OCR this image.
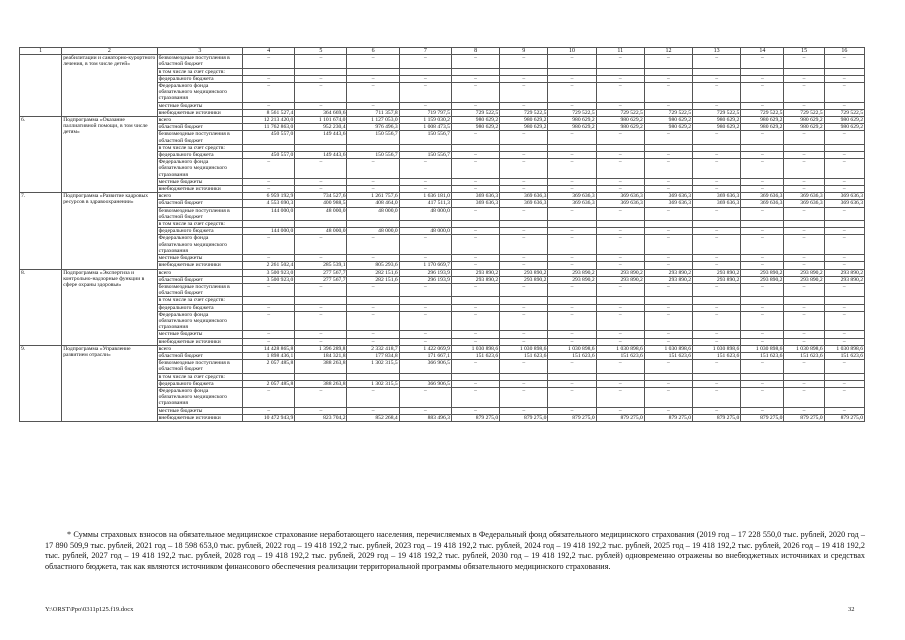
1	2	3	4	5	6	7	8	9	10	11	12	13	14	15	16
	реабилитации и санаторно-курортного лечения, в том числе детей»	безвозмездные поступления в областной бюджет	–	–	–	–	–	–	–	–	–	–	–	–	–
		в том числе за счет средств:													
		федерального бюджета	–	–	–	–	–	–	–	–	–	–	–	–	–
		Федерального фонда обязательного медицинского страхования	–	–	–	–	–	–	–	–	–	–	–	–	–
		местные бюджеты	–	–	–	–	–	–	–	–	–	–	–	–	–
		внебюджетные источники	8 561 527,4	364 669,6	711 357,8	719 797,5	729 522,5	729 522,5	729 522,5	729 522,5	729 522,5	729 522,5	729 522,5	729 522,5	729 522,5
6.	Подпрограмма «Оказание паллиативной помощи, в том числе детям»	всего	12 213 420,0	1 101 674,0	1 127 053,0	1 159 030,2	980 629,2	980 629,2	980 629,2	980 629,2	980 629,2	980 629,2	980 629,2	980 629,2	980 629,2
		областной бюджет	11 762 863,0	952 230,4	976 496,3	1 008 473,5	980 629,2	980 629,2	980 629,2	980 629,2	980 629,2	980 629,2	980 629,2	980 629,2	980 629,2
		безвозмездные поступления в областной бюджет	450 557,0	149 443,6	150 556,7	150 556,7	–	–	–	–	–	–	–	–	–
		в том числе за счет средств:													
		федерального бюджета	450 557,0	149 443,6	150 556,7	150 556,7	–	–	–	–	–	–	–	–	–
		Федерального фонда обязательного медицинского страхования	–	–	–	–	–	–	–	–	–	–	–	–	–
		местные бюджеты	–	–	–	–	–	–	–	–	–	–	–	–	–
		внебюджетные источники	–	–	–	–	–	–	–	–	–	–	–	–	–
7.	Подпрограмма «Развитие кадровых ресурсов в здравоохранении»	всего	6 959 192,9	734 527,6	1 261 757,6	1 636 181,0	369 636,3	369 636,3	369 636,3	369 636,3	369 636,3	369 636,3	369 636,3	369 636,3	369 636,3
		областной бюджет	4 553 690,3	400 988,5	408 464,0	417 511,3	369 636,3	369 636,3	369 636,3	369 636,3	369 636,3	369 636,3	369 636,3	369 636,3	369 636,3
		безвозмездные поступления в областной бюджет	144 000,0	48 000,0	48 000,0	48 000,0	–	–	–	–	–	–	–	–	–
		в том числе за счет средств:													
		федерального бюджета	144 000,0	48 000,0	48 000,0	48 000,0	–	–	–	–	–	–	–	–	–
		Федерального фонда обязательного медицинского страхования	–	–	–	–	–	–	–	–	–	–	–	–	–
		местные бюджеты	–	–	–	–	–	–	–	–	–	–	–	–	–
		внебюджетные источники	2 261 502,4	285 539,1	805 293,6	1 170 669,7	–	–	–	–	–	–	–	–	–
8.	Подпрограмма «Экспертиза и контрольно-надзорные функции в сфере охраны здоровья»	всего	3 500 923,0	277 567,7	282 151,6	296 193,9	293 890,2	293 890,2	293 890,2	293 890,2	293 890,2	293 890,2	293 890,2	293 890,2	293 890,2
		областной бюджет	3 500 923,0	277 567,7	282 151,6	296 193,9	293 890,2	293 890,2	293 890,2	293 890,2	293 890,2	293 890,2	293 890,2	293 890,2	293 890,2
		безвозмездные поступления в областной бюджет	–	–	–	–	–	–	–	–	–	–	–	–	–
		в том числе за счет средств:													
		федерального бюджета	–	–	–	–	–	–	–	–	–	–	–	–	–
		Федерального фонда обязательного медицинского страхования	–	–	–	–	–	–	–	–	–	–	–	–	–
		местные бюджеты	–	–	–	–	–	–	–	–	–	–	–	–	–
		внебюджетные источники	–	–	–	–	–	–	–	–	–	–	–	–	–
9.	Подпрограмма «Управление развитием отрасли»	всего	14 428 865,8	1 396 289,8	2 332 418,7	1 422 069,9	1 030 898,6	1 030 898,6	1 030 898,6	1 030 898,6	1 030 898,6	1 030 898,6	1 030 898,6	1 030 898,6	1 030 898,6
		областной бюджет	1 898 436,1	184 321,8	177 834,8	171 667,1	151 623,6	151 623,6	151 623,6	151 623,6	151 623,6	151 623,6	151 623,6	151 623,6	151 623,6
		безвозмездные поступления в областной бюджет	2 057 485,8	388 263,8	1 302 315,5	366 906,5	–	–	–	–	–	–	–	–	–
		в том числе за счет средств:													
		федерального бюджета	2 057 485,8	388 263,8	1 302 315,5	366 906,5	–	–	–	–	–	–	–	–	–
		Федерального фонда обязательного медицинского страхования	–	–	–	–	–	–	–	–	–	–	–	–	–
		местные бюджеты	–	–	–	–	–	–	–	–	–	–	–	–	–
		внебюджетные источники	10 472 943,9	823 704,2	852 268,4	883 496,3	879 275,0	879 275,0	879 275,0	879 275,0	879 275,0	879 275,0	879 275,0	879 275,0	879 275,0
* Суммы страховых взносов на обязательное медицинское страхование неработающего населения, перечисляемых в Федеральный фонд обязательного медицинского страхования (2019 год – 17 228 550,0 тыс. рублей, 2020 год – 17 890 509,9 тыс. рублей, 2021 год – 18 598 653,0 тыс. рублей, 2022 год – 19 418 192,2 тыс. рублей, 2023 год – 19 418 192,2 тыс. рублей, 2024 год – 19 418 192,2 тыс. рублей, 2025 год – 19 418 192,2 тыс. рублей, 2026 год – 19 418 192,2 тыс. рублей, 2027 год – 19 418 192,2 тыс. рублей, 2028 год – 19 418 192,2 тыс. рублей, 2029 год – 19 418 192,2 тыс. рублей, 2030 год – 19 418 192,2 тыс. рублей) одновременно отражены во внебюджетных источниках и средствах областного бюджета, так как являются источником финансового обеспечения реализации территориальной программы обязательного медицинского страхования.
Y:\ORST\Ppo\0311p125.f19.docx	32
